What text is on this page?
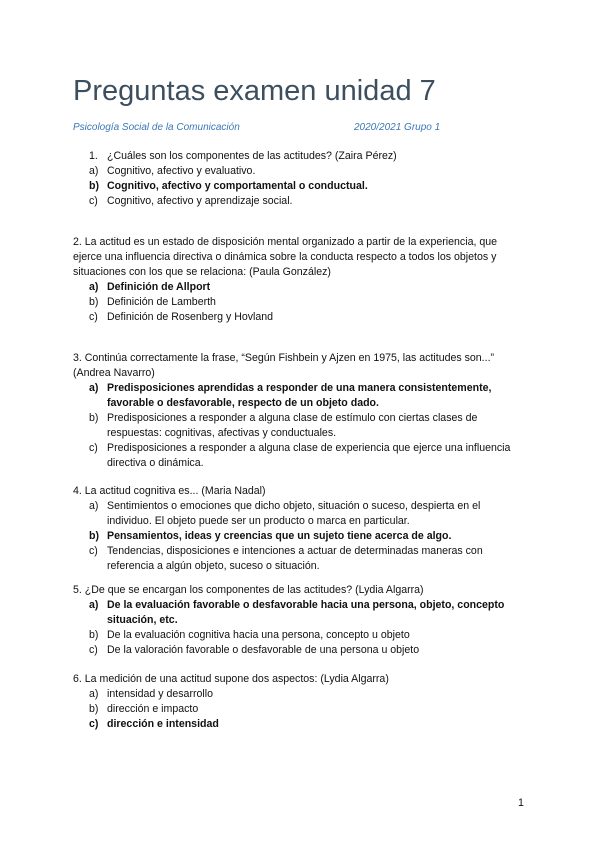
Preguntas examen unidad 7
Psicología Social de la Comunicación	2020/2021 Grupo 1
1. ¿Cuáles son los componentes de las actitudes? (Zaira Pérez)
a) Cognitivo, afectivo y evaluativo.
b) Cognitivo, afectivo y comportamental o conductual.
c) Cognitivo, afectivo y aprendizaje social.

2. La actitud es un estado de disposición mental organizado a partir de la experiencia, que ejerce una influencia directiva o dinámica sobre la conducta respecto a todos los objetos y situaciones con los que se relaciona: (Paula González)

a) Definición de Allport
b) Definición de Lamberth
c) Definición de Rosenberg y Hovland

3. Continúa correctamente la frase, “Según Fishbein y Ajzen en 1975, las actitudes son...” (Andrea Navarro)

a) Predisposiciones aprendidas a responder de una manera consistentemente, favorable o desfavorable, respecto de un objeto dado.
b) Predisposiciones a responder a alguna clase de estímulo con ciertas clases de respuestas: cognitivas, afectivas y conductuales.
c) Predisposiciones a responder a alguna clase de experiencia que ejerce una influencia directiva o dinámica.

4. La actitud cognitiva es... (Maria Nadal)

a) Sentimientos o emociones que dicho objeto, situación o suceso, despierta en el individuo. El objeto puede ser un producto o marca en particular.
b) Pensamientos, ideas y creencias que un sujeto tiene acerca de algo.
c) Tendencias, disposiciones e intenciones a actuar de determinadas maneras con referencia a algún objeto, suceso o situación.

5. ¿De que se encargan los componentes de las actitudes? (Lydia Algarra)

a) De la evaluación favorable o desfavorable hacia una persona, objeto, concepto situación, etc.
b) De la evaluación cognitiva hacia una persona, concepto u objeto
c) De la valoración favorable o desfavorable de una persona u objeto

6. La medición de una actitud supone dos aspectos: (Lydia Algarra)

a) intensidad y desarrollo
b) dirección e impacto
c) dirección e intensidad
1
